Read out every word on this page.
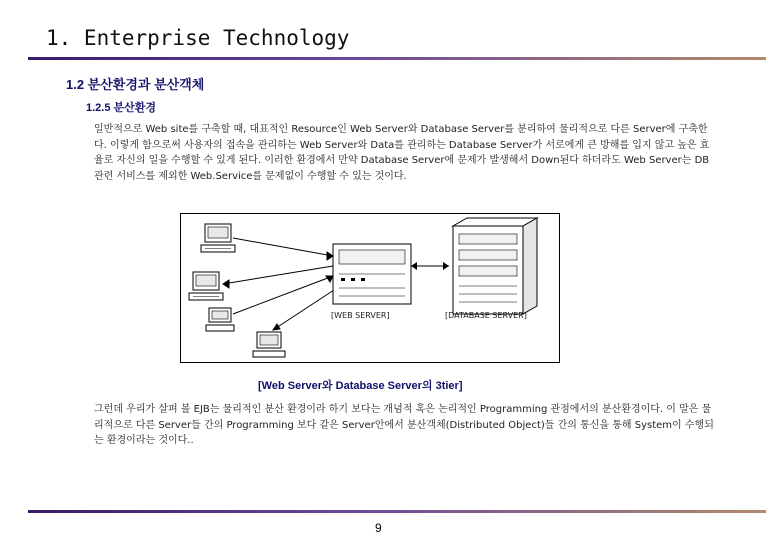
1. Enterprise Technology
1.2 분산환경과 분산객체
1.2.5 분산환경
일반적으로 Web site를 구축할 때, 대표적인 Resource인 Web Server와 Database Server를 분리하여 물리적으로 다른 Server에 구축한다. 이렇게 함으로써 사용자의 접속을 관리하는 Web Server와 Data를 관리하는 Database Server가 서로에게 큰 방해를 입지 않고 높은 효율로 자신의 일을 수행할 수 있게 된다. 이러한 환경에서 만약 Database Server에 문제가 발생해서 Down된다 하더라도 Web Server는 DB관련 서비스를 제외한 Web.Service를 문제없이 수행할 수 있는 것이다.
[WEB SERVER]	[DATABASE SERVER]
[Web Server와 Database Server의 3tier]
그런데 우리가 살펴 볼 EJB는 물리적인 분산 환경이라 하기 보다는 개념적 혹은 논리적인 Programming 관점에서의 분산환경이다. 이 말은 물리적으로 다른 Server들 간의 Programming 보다 같은 Server안에서 분산객체(Distributed Object)들 간의 통신을 통해 System이 수행되는 환경이라는 것이다..
9
